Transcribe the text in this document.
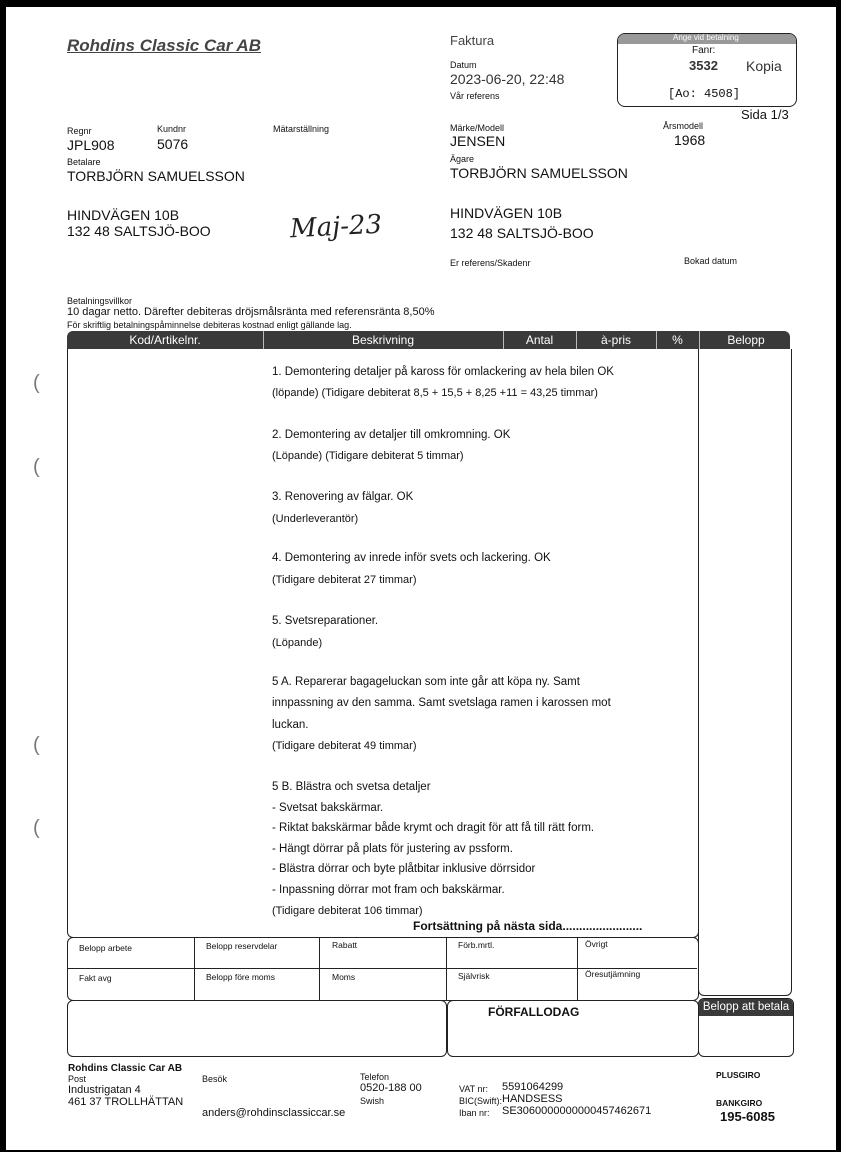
Rohdins Classic Car AB	Faktura
Datum
2023-06-20, 22:48
Vår referens
Ange vid betalning
Fanr:
3532 Kopia
[Ao: 4508]
Sida 1/3
Regnr
JPL908
Kundnr
5076
Mätarställning	Märke/Modell
JENSEN
Årsmodell
1968
Betalare
TORBJÖRN SAMUELSSON
HINDVÄGEN 10B
132 48 SALTSJÖ-BOO
Ägare
TORBJÖRN SAMUELSSON
HINDVÄGEN 10B
132 48 SALTSJÖ-BOO
Er referens/Skadenr	Bokad datum
Maj-23
Betalningsvillkor
10 dagar netto. Därefter debiteras dröjsmålsränta med referensränta 8,50%
För skriftlig betalningspåminnelse debiteras kostnad enligt gällande lag.
Kod/Artikelnr.	Beskrivning	Antal	à-pris	%	Belopp
1. Demontering detaljer på kaross för omlackering av hela bilen OK
(löpande) (Tidigare debiterat 8,5 + 15,5 + 8,25 +11 = 43,25 timmar)
2. Demontering av detaljer till omkromning. OK
(Löpande) (Tidigare debiterat 5 timmar)
3. Renovering av fälgar. OK
(Underleverantör)
4. Demontering av inrede inför svets och lackering. OK
(Tidigare debiterat 27 timmar)
5. Svetsreparationer.
(Löpande)
5 A. Reparerar bagageluckan som inte går att köpa ny. Samt
innpassning av den samma. Samt svetslaga ramen i karossen mot
luckan.
(Tidigare debiterat 49 timmar)
5 B. Blästra och svetsa detaljer
- Svetsat bakskärmar.
- Riktat bakskärmar både krymt och dragit för att få till rätt form.
- Hängt dörrar på plats för justering av pssform.
- Blästra dörrar och byte plåtbitar inklusive dörrsidor
- Inpassning dörrar mot fram och bakskärmar.
(Tidigare debiterat 106 timmar)
Fortsättning på nästa sida........................
Belopp arbete	Belopp reservdelar	Rabatt	Förb.mrtl.	Övrigt
Fakt avg	Belopp före moms	Moms	Självrisk	Öresutjämning
FÖRFALLODAG	Belopp att betala
Rohdins Classic Car AB
Post
Industrigatan 4
461 37 TROLLHÄTTAN
Besök
anders@rohdinsclassiccar.se
Telefon
0520-188 00
Swish
VAT nr: 5591064299
BIC(Swift): HANDSESS
Iban nr: SE3060000000000457462671
PLUSGIRO
BANKGIRO
195-6085
(
(
(
(
